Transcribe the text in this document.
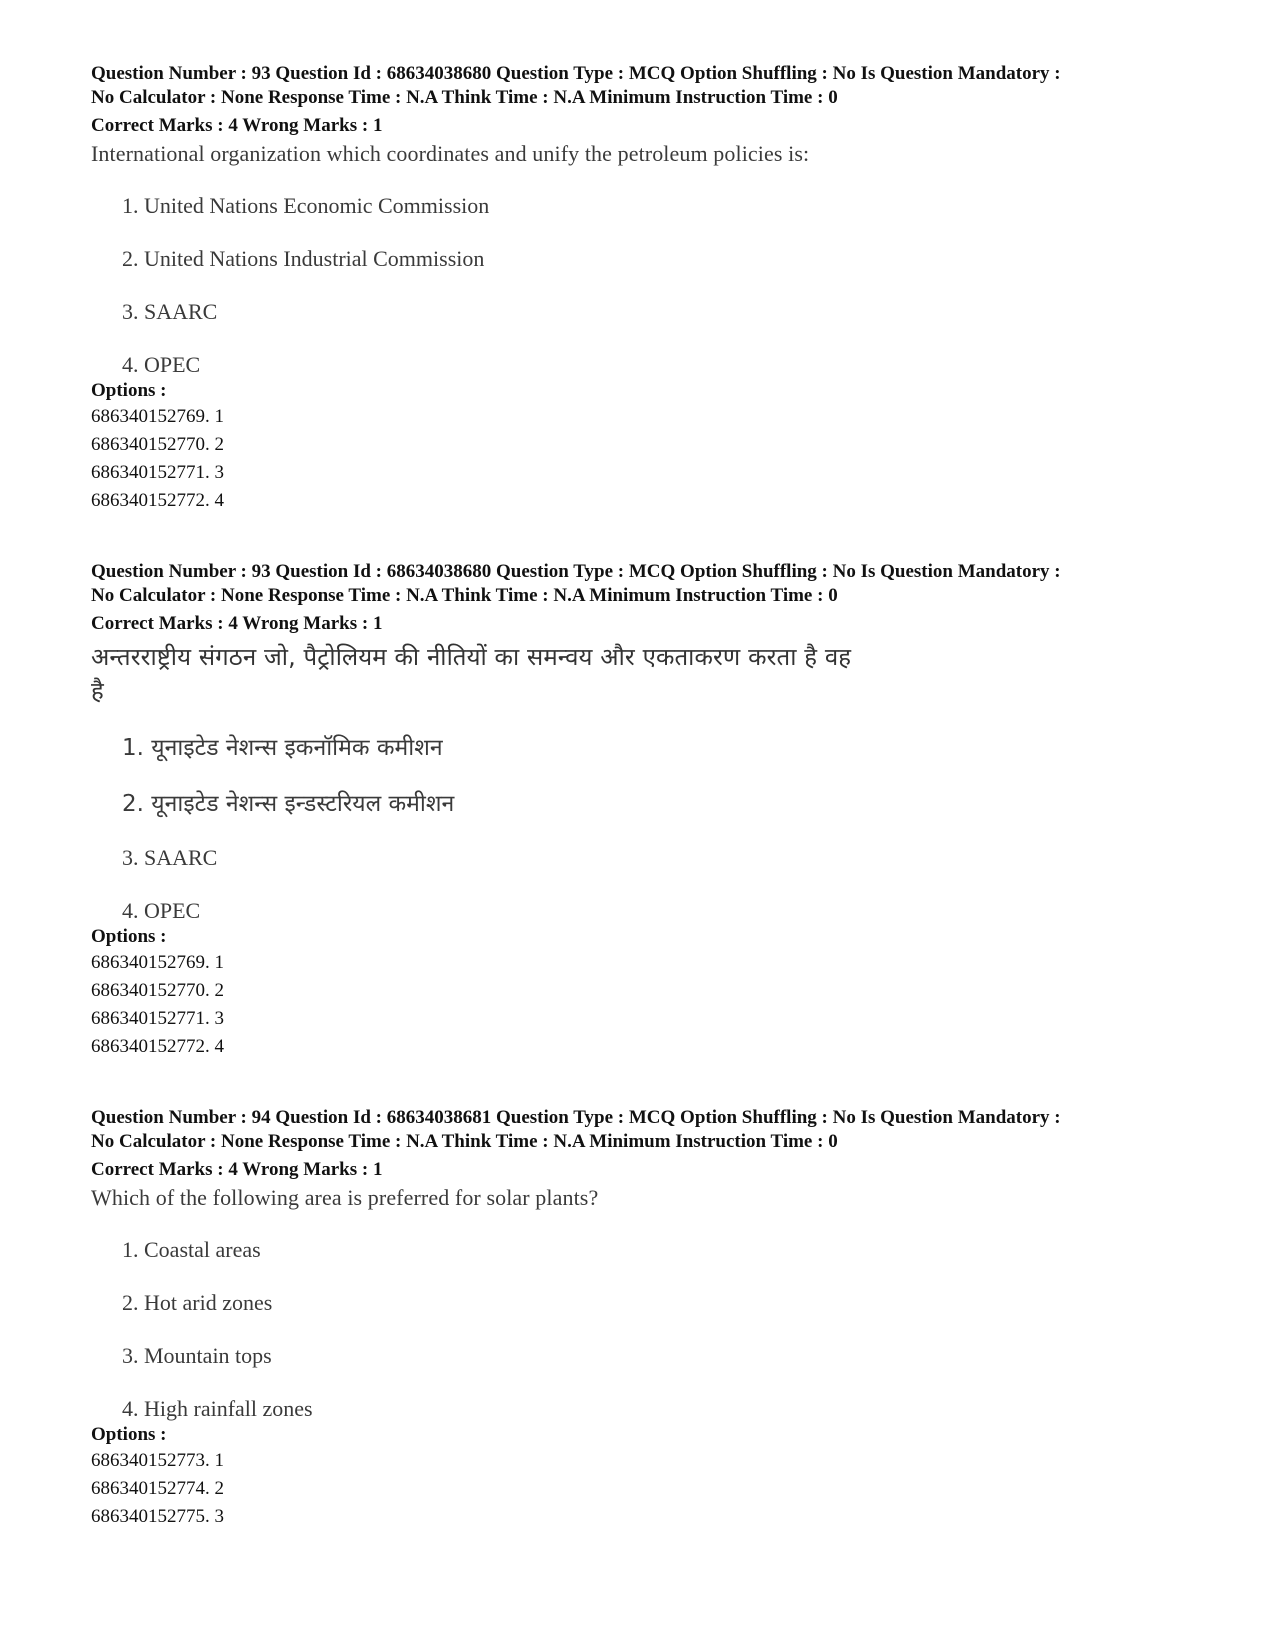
Question Number : 93 Question Id : 68634038680 Question Type : MCQ Option Shuffling : No Is Question Mandatory :
No Calculator : None Response Time : N.A Think Time : N.A Minimum Instruction Time : 0
Correct Marks : 4 Wrong Marks : 1
International organization which coordinates and unify the petroleum policies is:
1. United Nations Economic Commission
2. United Nations Industrial Commission
3. SAARC
4. OPEC
Options :
686340152769. 1
686340152770. 2
686340152771. 3
686340152772. 4
Question Number : 93 Question Id : 68634038680 Question Type : MCQ Option Shuffling : No Is Question Mandatory :
No Calculator : None Response Time : N.A Think Time : N.A Minimum Instruction Time : 0
Correct Marks : 4 Wrong Marks : 1
अन्तरराष्ट्रीय संगठन जो, पैट्रोलियम की नीतियों का समन्वय और एकताकरण करता है वह है
1. यूनाइटेड नेशन्स इकनॉमिक कमीशन
2. यूनाइटेड नेशन्स इन्डस्टरियल कमीशन
3. SAARC
4. OPEC
Options :
686340152769. 1
686340152770. 2
686340152771. 3
686340152772. 4
Question Number : 94 Question Id : 68634038681 Question Type : MCQ Option Shuffling : No Is Question Mandatory :
No Calculator : None Response Time : N.A Think Time : N.A Minimum Instruction Time : 0
Correct Marks : 4 Wrong Marks : 1
Which of the following area is preferred for solar plants?
1. Coastal areas
2. Hot arid zones
3. Mountain tops
4. High rainfall zones
Options :
686340152773. 1
686340152774. 2
686340152775. 3
